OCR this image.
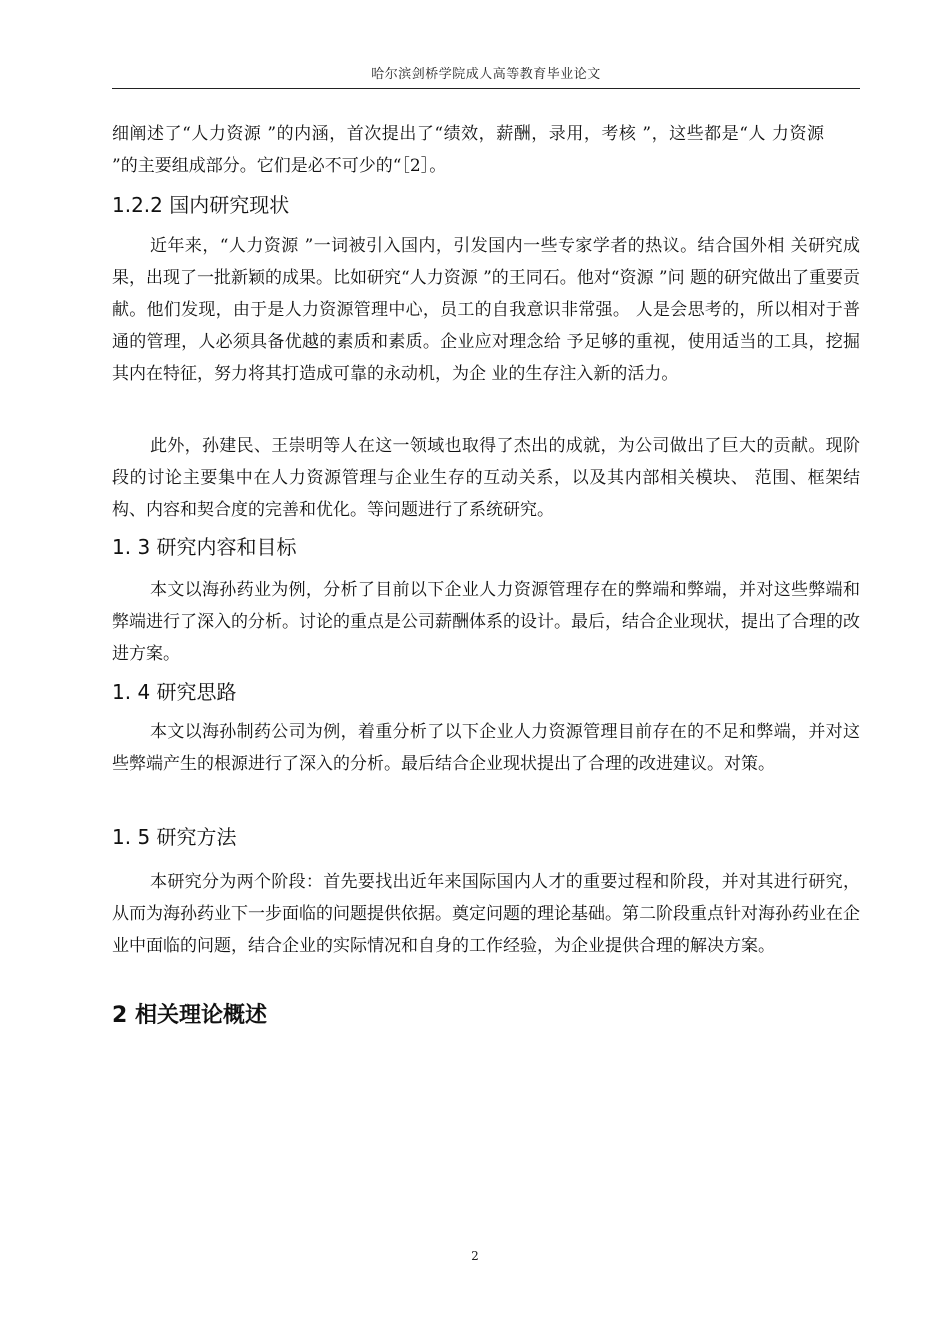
哈尔滨剑桥学院成人高等教育毕业论文

细阐述了“人力资源 ”的内涵，首次提出了“绩效，薪酬，录用，考核 ”，这些都是“人 力资源 ”的主要组成部分。它们是必不可少的“［2］。

1.2.2 国内研究现状

近年来，“人力资源 ”一词被引入国内，引发国内一些专家学者的热议。结合国外相 关研究成果，出现了一批新颖的成果。比如研究“人力资源 ”的王同石。他对“资源 ”问 题的研究做出了重要贡献。他们发现，由于是人力资源管理中心，员工的自我意识非常强。 人是会思考的，所以相对于普通的管理，人必须具备优越的素质和素质。企业应对理念给 予足够的重视，使用适当的工具，挖掘其内在特征，努力将其打造成可靠的永动机，为企 业的生存注入新的活力。

此外，孙建民、王崇明等人在这一领域也取得了杰出的成就，为公司做出了巨大的贡献。现阶段的讨论主要集中在人力资源管理与企业生存的互动关系，以及其内部相关模块、 范围、框架结构、内容和契合度的完善和优化。等问题进行了系统研究。

1. 3 研究内容和目标

本文以海孙药业为例，分析了目前以下企业人力资源管理存在的弊端和弊端，并对这些弊端和弊端进行了深入的分析。讨论的重点是公司薪酬体系的设计。最后，结合企业现状，提出了合理的改进方案。

1. 4 研究思路

本文以海孙制药公司为例，着重分析了以下企业人力资源管理目前存在的不足和弊端，并对这些弊端产生的根源进行了深入的分析。最后结合企业现状提出了合理的改进建议。对策。

1. 5 研究方法

本研究分为两个阶段：首先要找出近年来国际国内人才的重要过程和阶段，并对其进行研究，从而为海孙药业下一步面临的问题提供依据。奠定问题的理论基础。第二阶段重点针对海孙药业在企业中面临的问题，结合企业的实际情况和自身的工作经验，为企业提供合理的解决方案。

2 相关理论概述
2
